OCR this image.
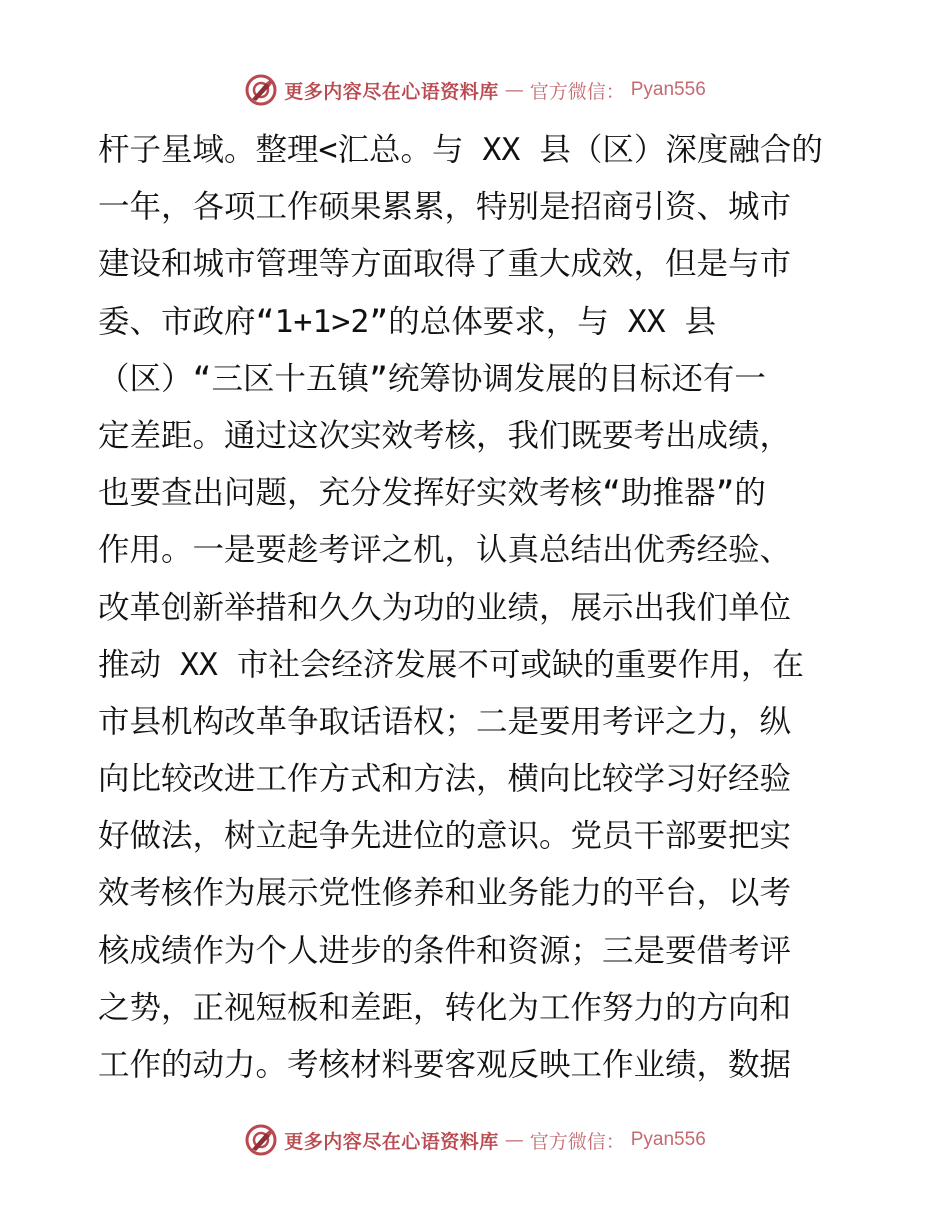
更多内容尽在心语资料库 — 官方微信： Pyan556
杆子星域。整理<汇总。与 XX 县（区）深度融合的
一年，各项工作硕果累累，特别是招商引资、城市
建设和城市管理等方面取得了重大成效，但是与市
委、市政府“1+1>2”的总体要求，与 XX 县
（区）“三区十五镇”统筹协调发展的目标还有一
定差距。通过这次实效考核，我们既要考出成绩，
也要查出问题，充分发挥好实效考核“助推器”的
作用。一是要趁考评之机，认真总结出优秀经验、
改革创新举措和久久为功的业绩，展示出我们单位
推动 XX 市社会经济发展不可或缺的重要作用，在
市县机构改革争取话语权；二是要用考评之力，纵
向比较改进工作方式和方法，横向比较学习好经验
好做法，树立起争先进位的意识。党员干部要把实
效考核作为展示党性修养和业务能力的平台，以考
核成绩作为个人进步的条件和资源；三是要借考评
之势，正视短板和差距，转化为工作努力的方向和
工作的动力。考核材料要客观反映工作业绩，数据
更多内容尽在心语资料库 — 官方微信： Pyan556
